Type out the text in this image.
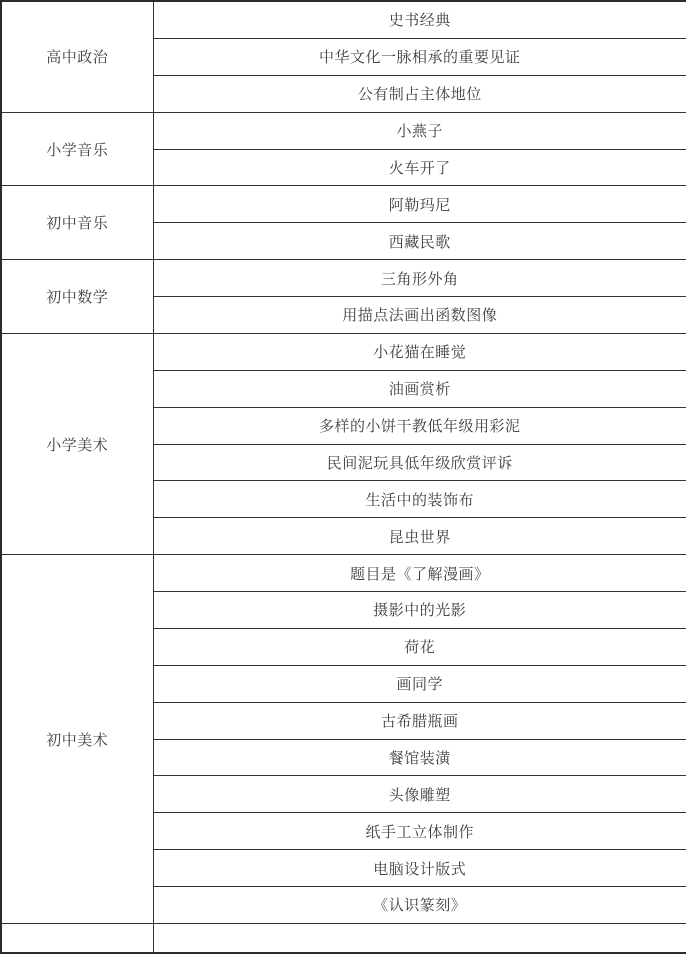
高中政治	史书经典
	中华文化一脉相承的重要见证
	公有制占主体地位
小学音乐	小燕子
	火车开了
初中音乐	阿勒玛尼
	西藏民歌
初中数学	三角形外角
	用描点法画出函数图像
小学美术	小花猫在睡觉
	油画赏析
	多样的小饼干教低年级用彩泥
	民间泥玩具低年级欣赏评诉
	生活中的装饰布
	昆虫世界
初中美术	题目是《了解漫画》
	摄影中的光影
	荷花
	画同学
	古希腊瓶画
	餐馆装潢
	头像雕塑
	纸手工立体制作
	电脑设计版式
	《认识篆刻》
